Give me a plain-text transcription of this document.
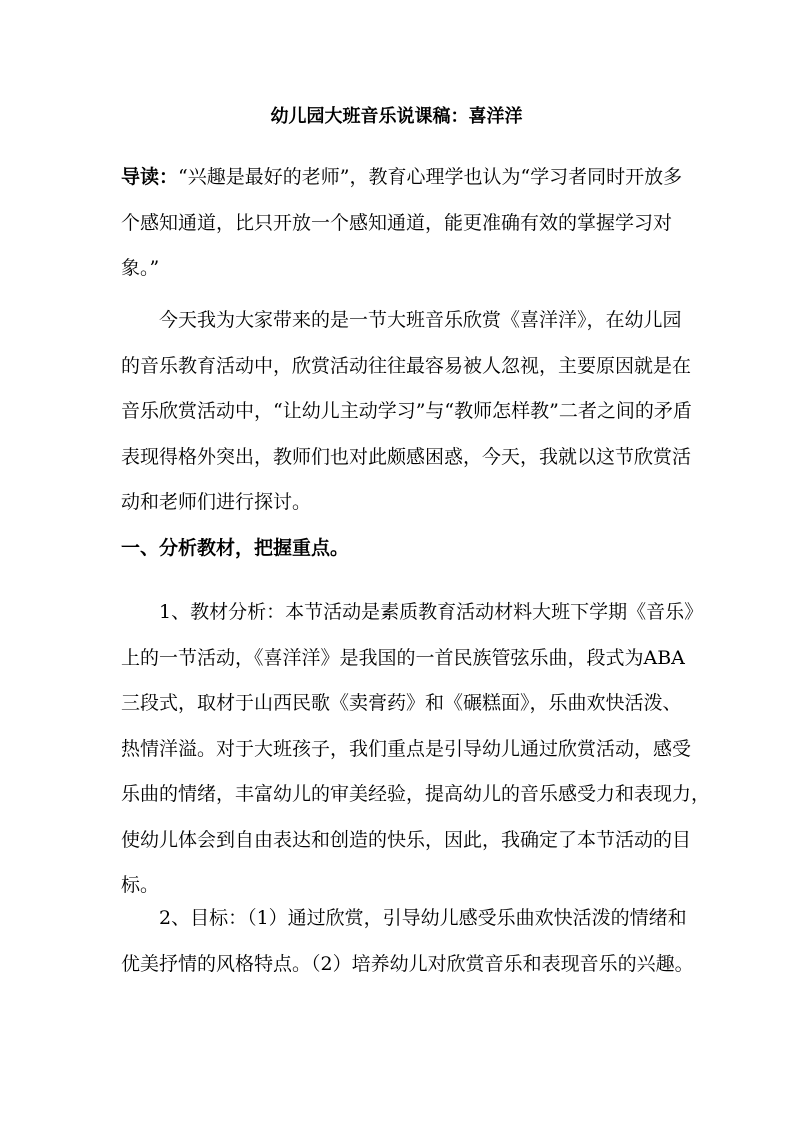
幼儿园大班音乐说课稿：喜洋洋
导读：“兴趣是最好的老师”，教育心理学也认为“学习者同时开放多
个感知通道，比只开放一个感知通道，能更准确有效的掌握学习对
象。”
今天我为大家带来的是一节大班音乐欣赏《喜洋洋》，在幼儿园
的音乐教育活动中，欣赏活动往往最容易被人忽视，主要原因就是在
音乐欣赏活动中，“让幼儿主动学习”与“教师怎样教”二者之间的矛盾
表现得格外突出，教师们也对此颇感困惑，今天，我就以这节欣赏活
动和老师们进行探讨。
一、分析教材，把握重点。
1、教材分析：本节活动是素质教育活动材料大班下学期《音乐》
上的一节活动，《喜洋洋》是我国的一首民族管弦乐曲，段式为ABA
三段式，取材于山西民歌《卖膏药》和《碾糕面》，乐曲欢快活泼、
热情洋溢。对于大班孩子，我们重点是引导幼儿通过欣赏活动，感受
乐曲的情绪，丰富幼儿的审美经验，提高幼儿的音乐感受力和表现力，
使幼儿体会到自由表达和创造的快乐，因此，我确定了本节活动的目
标。
2、目标：（1）通过欣赏，引导幼儿感受乐曲欢快活泼的情绪和
优美抒情的风格特点。（2）培养幼儿对欣赏音乐和表现音乐的兴趣。
